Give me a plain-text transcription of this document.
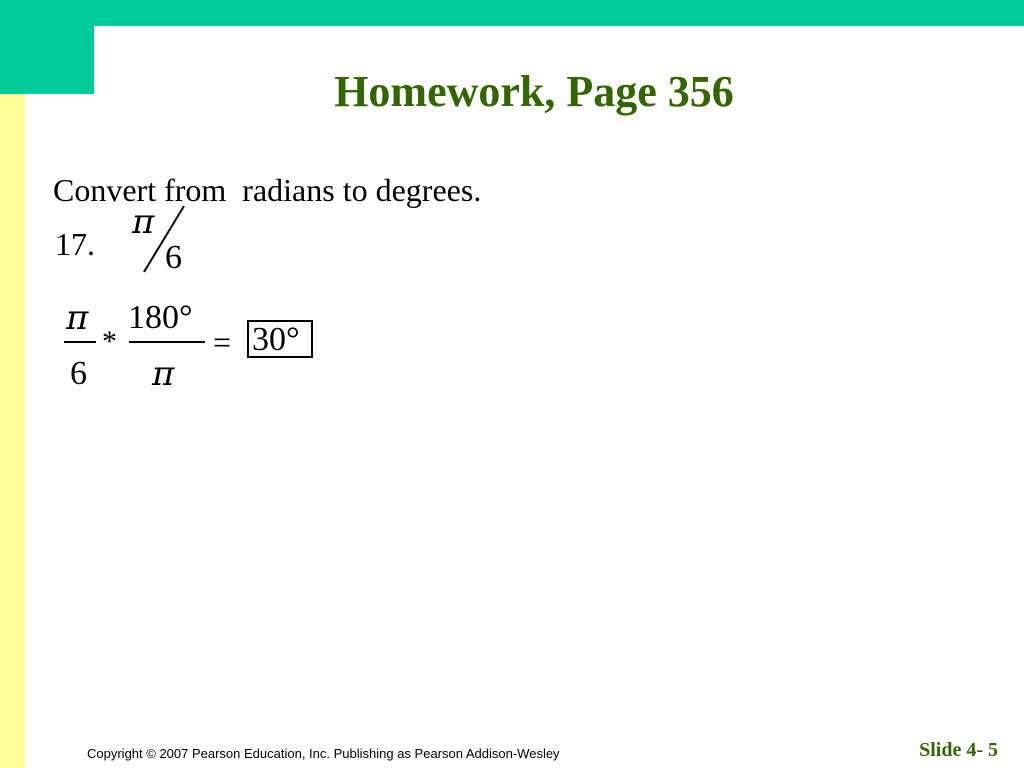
Homework, Page 356
Convert from  radians to degrees.
17.
π
6
π
6
*
180°
π
= 30°
Copyright © 2007 Pearson Education, Inc. Publishing as Pearson Addison-Wesley	Slide 4- 5
